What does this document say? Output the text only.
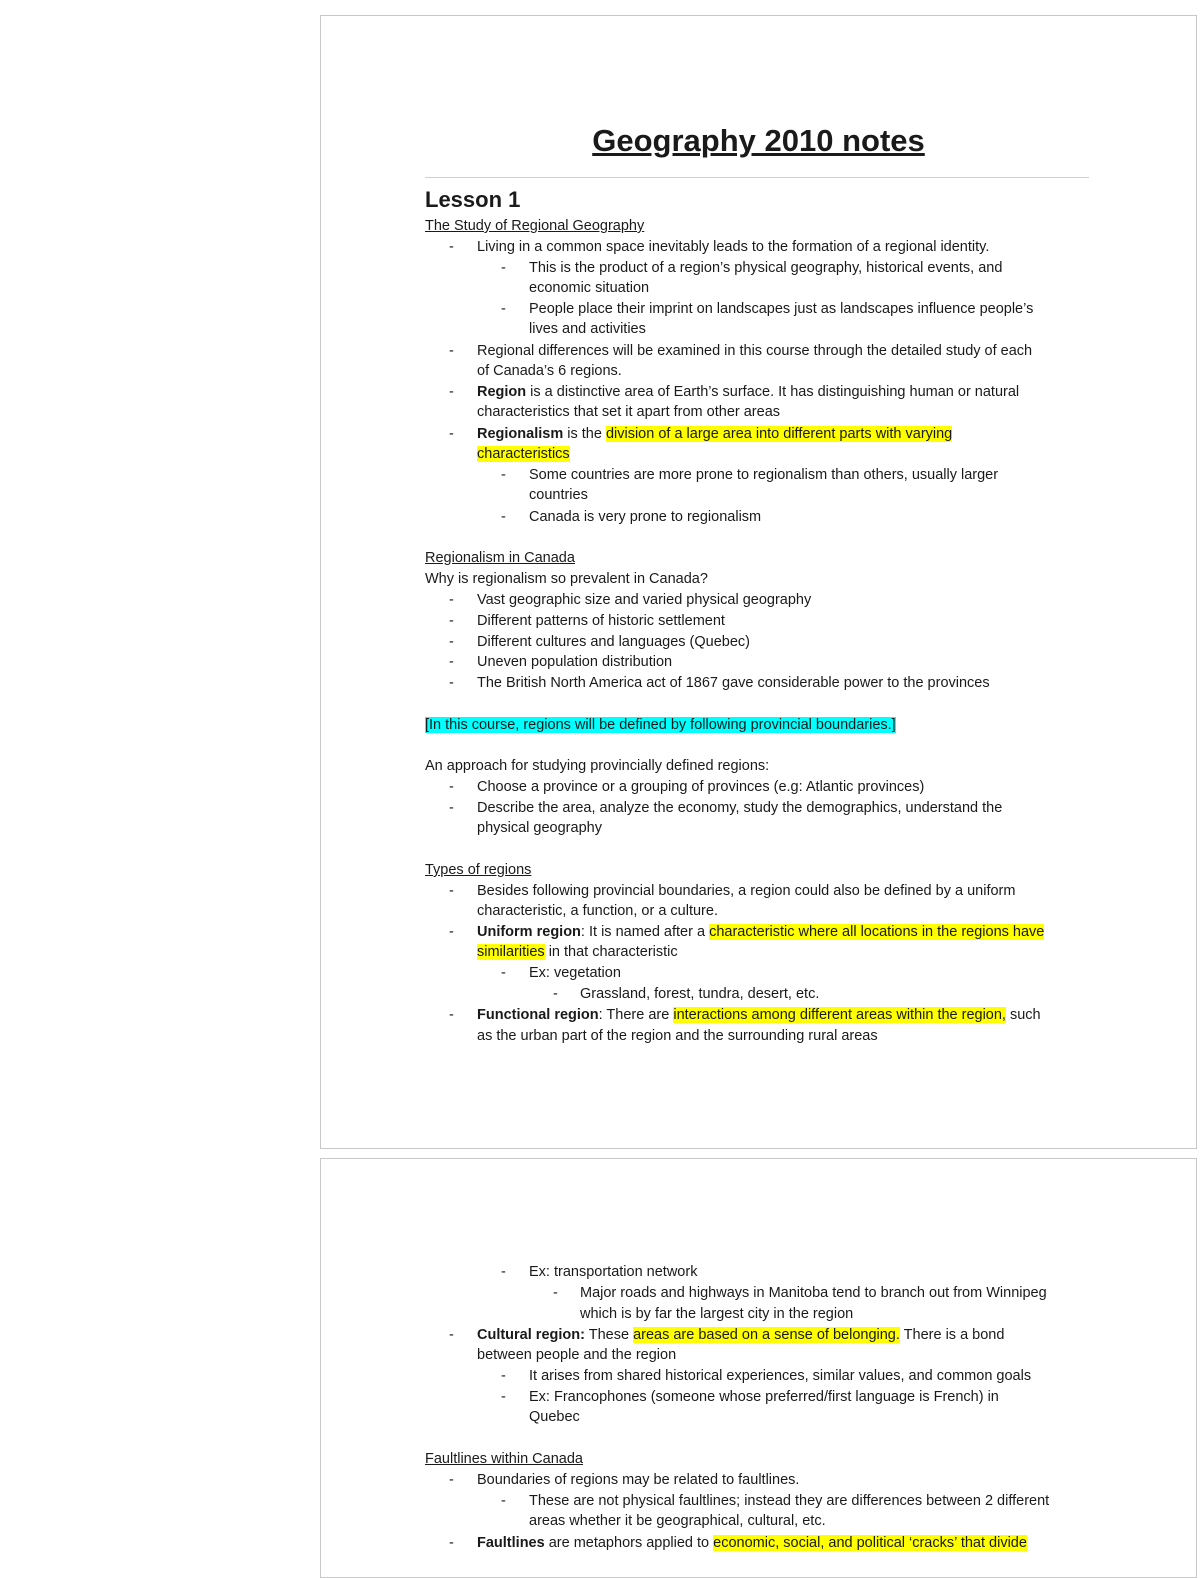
Geography 2010 notes
Lesson 1
The Study of Regional Geography
- Living in a common space inevitably leads to the formation of a regional identity.
- This is the product of a region’s physical geography, historical events, and
economic situation
- People place their imprint on landscapes just as landscapes influence people’s
lives and activities
- Regional differences will be examined in this course through the detailed study of each
of Canada’s 6 regions.
- Region is a distinctive area of Earth’s surface. It has distinguishing human or natural
characteristics that set it apart from other areas
- Regionalism is the division of a large area into different parts with varying
characteristics
- Some countries are more prone to regionalism than others, usually larger
countries
- Canada is very prone to regionalism
Regionalism in Canada
Why is regionalism so prevalent in Canada?
- Vast geographic size and varied physical geography
- Different patterns of historic settlement
- Different cultures and languages (Quebec)
- Uneven population distribution
- The British North America act of 1867 gave considerable power to the provinces
[In this course, regions will be defined by following provincial boundaries.]
An approach for studying provincially defined regions:
- Choose a province or a grouping of provinces (e.g: Atlantic provinces)
- Describe the area, analyze the economy, study the demographics, understand the
physical geography
Types of regions
- Besides following provincial boundaries, a region could also be defined by a uniform
characteristic, a function, or a culture.
- Uniform region: It is named after a characteristic where all locations in the regions have
similarities in that characteristic
- Ex: vegetation
- Grassland, forest, tundra, desert, etc.
- Functional region: There are interactions among different areas within the region, such
as the urban part of the region and the surrounding rural areas
- Ex: transportation network
- Major roads and highways in Manitoba tend to branch out from Winnipeg
which is by far the largest city in the region
- Cultural region: These areas are based on a sense of belonging. There is a bond
between people and the region
- It arises from shared historical experiences, similar values, and common goals
- Ex: Francophones (someone whose preferred/first language is French) in
Quebec
Faultlines within Canada
- Boundaries of regions may be related to faultlines.
- These are not physical faultlines; instead they are differences between 2 different
areas whether it be geographical, cultural, etc.
- Faultlines are metaphors applied to economic, social, and political ‘cracks’ that divide
